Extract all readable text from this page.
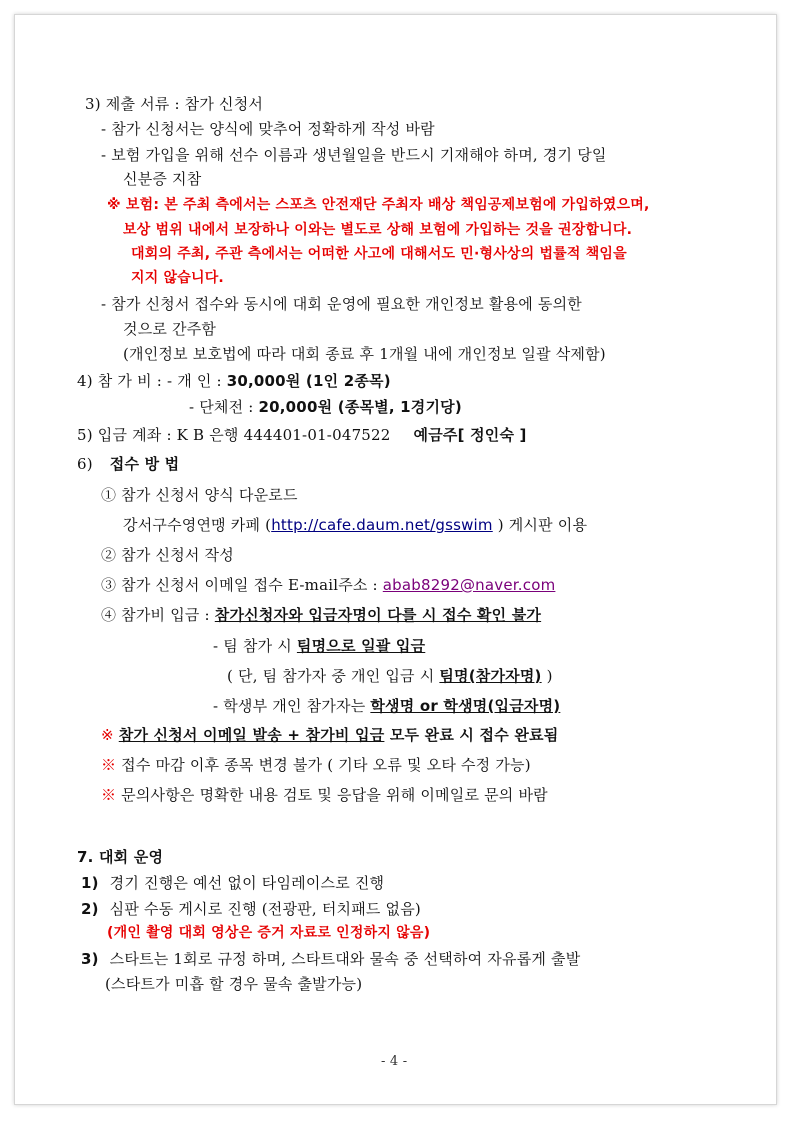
3) 제출 서류 : 참가 신청서
- 참가 신청서는 양식에 맞추어 정확하게 작성 바람
- 보험 가입을 위해 선수 이름과 생년월일을 반드시 기재해야 하며, 경기 당일
신분증 지참
※ 보험: 본 주최 측에서는 스포츠 안전재단 주최자 배상 책임공제보험에 가입하였으며,
보상 범위 내에서 보장하나 이와는 별도로 상해 보험에 가입하는 것을 권장합니다.
대회의 주최, 주관 측에서는 어떠한 사고에 대해서도 민·형사상의 법률적 책임을
지지 않습니다.
- 참가 신청서 접수와 동시에 대회 운영에 필요한 개인정보 활용에 동의한
것으로 간주함
(개인정보 보호법에 따라 대회 종료 후 1개월 내에 개인정보 일괄 삭제함)
4) 참 가 비 : - 개 인 : 30,000원 (1인 2종목)
- 단체전 : 20,000원 (종목별, 1경기당)
5) 입금 계좌 : K B 은행 444401-01-047522 예금주[ 정인숙 ]
6) 접수 방 법
① 참가 신청서 양식 다운로드
강서구수영연맹 카페 (http://cafe.daum.net/gsswim ) 게시판 이용
② 참가 신청서 작성
③ 참가 신청서 이메일 접수 E-mail주소 : abab8292@naver.com
④ 참가비 입금 : 참가신청자와 입금자명이 다를 시 접수 확인 불가
- 팀 참가 시 팀명으로 일괄 입금
( 단, 팀 참가자 중 개인 입금 시 팀명(참가자명) )
- 학생부 개인 참가자는 학생명 or 학생명(입금자명)
※ 참가 신청서 이메일 발송 + 참가비 입금 모두 완료 시 접수 완료됨
※ 접수 마감 이후 종목 변경 불가 ( 기타 오류 및 오타 수정 가능)
※ 문의사항은 명확한 내용 검토 및 응답을 위해 이메일로 문의 바람
7. 대회 운영
1) 경기 진행은 예선 없이 타임레이스로 진행
2) 심판 수동 게시로 진행 (전광판, 터치패드 없음)
(개인 촬영 대회 영상은 증거 자료로 인정하지 않음)
3) 스타트는 1회로 규정 하며, 스타트대와 물속 중 선택하여 자유롭게 출발
(스타트가 미흡 할 경우 물속 출발가능)
- 4 -
